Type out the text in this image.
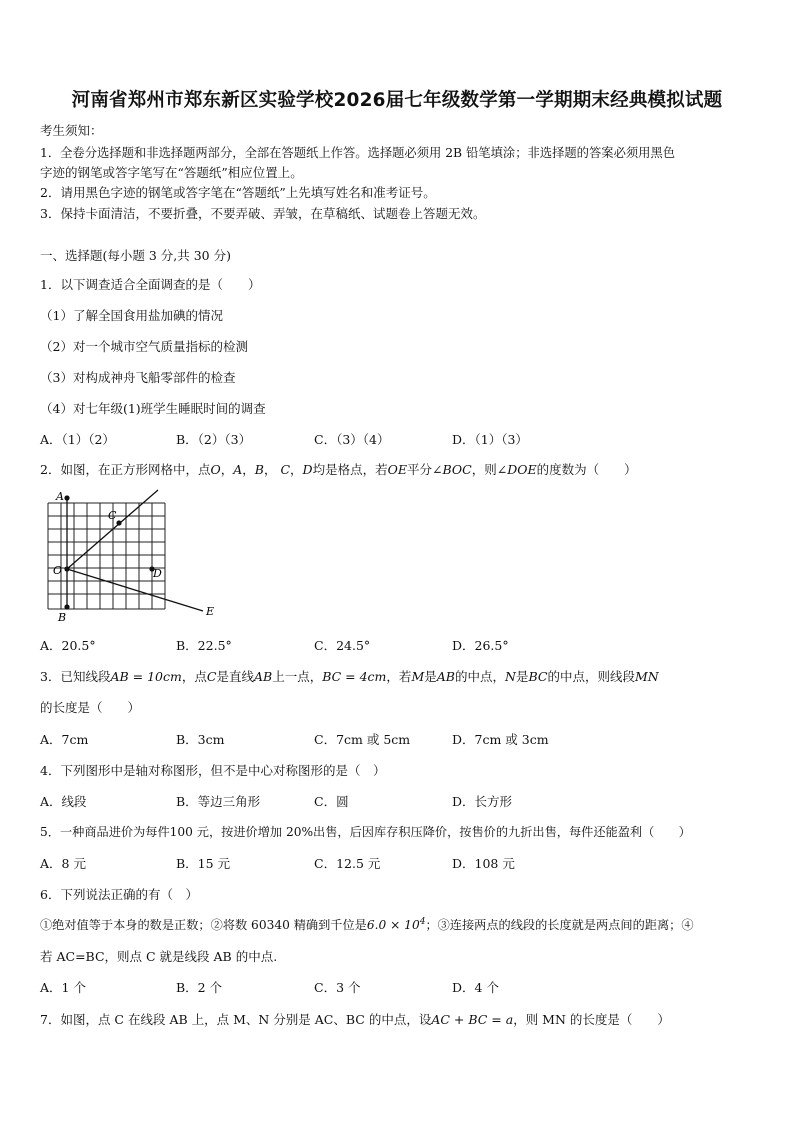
河南省郑州市郑东新区实验学校2026届七年级数学第一学期期末经典模拟试题
考生须知：
1．全卷分选择题和非选择题两部分，全部在答题纸上作答。选择题必须用 2B 铅笔填涂；非选择题的答案必须用黑色
字迹的钢笔或答字笔写在“答题纸”相应位置上。
2．请用黑色字迹的钢笔或答字笔在“答题纸”上先填写姓名和准考证号。
3．保持卡面清洁，不要折叠，不要弄破、弄皱，在草稿纸、试题卷上答题无效。
一、选择题(每小题 3 分,共 30 分)
1．以下调查适合全面调查的是（　　）
（1）了解全国食用盐加碘的情况
（2）对一个城市空气质量指标的检测
（3）对构成神舟飞船零部件的检查
（4）对七年级(1)班学生睡眠时间的调查
A．（1）（2）	B．（2）（3）	C．（3）（4）	D．（1）（3）
2．如图，在正方形网格中，点O，A，B， C，D均是格点，若OE平分∠BOC，则∠DOE的度数为（　　）
A
O
B
C
D
E
A．20.5°	B．22.5°	C．24.5°	D．26.5°
3．已知线段AB = 10cm，点C是直线AB上一点，BC = 4cm，若M是AB的中点，N是BC的中点，则线段MN
的长度是（　　）
A．7cm	B．3cm	C．7cm 或 5cm	D．7cm 或 3cm
4．下列图形中是轴对称图形，但不是中心对称图形的是（　）
A．线段	B．等边三角形	C．圆	D．长方形
5．一种商品进价为每件100 元，按进价增加 20%出售，后因库存积压降价，按售价的九折出售，每件还能盈利（　　）
A．8 元	B．15 元	C．12.5 元	D．108 元
6．下列说法正确的有（　）
①绝对值等于本身的数是正数；②将数 60340 精确到千位是$6.0 \times 10^4$；③连接两点的线段的长度就是两点间的距离；④
若 AC=BC，则点 C 就是线段 AB 的中点.
A．1 个	B．2 个	C．3 个	D．4 个
7．如图，点 C 在线段 AB 上，点 M、N 分别是 AC、BC 的中点，设AC + BC = a，则 MN 的长度是（　　）
